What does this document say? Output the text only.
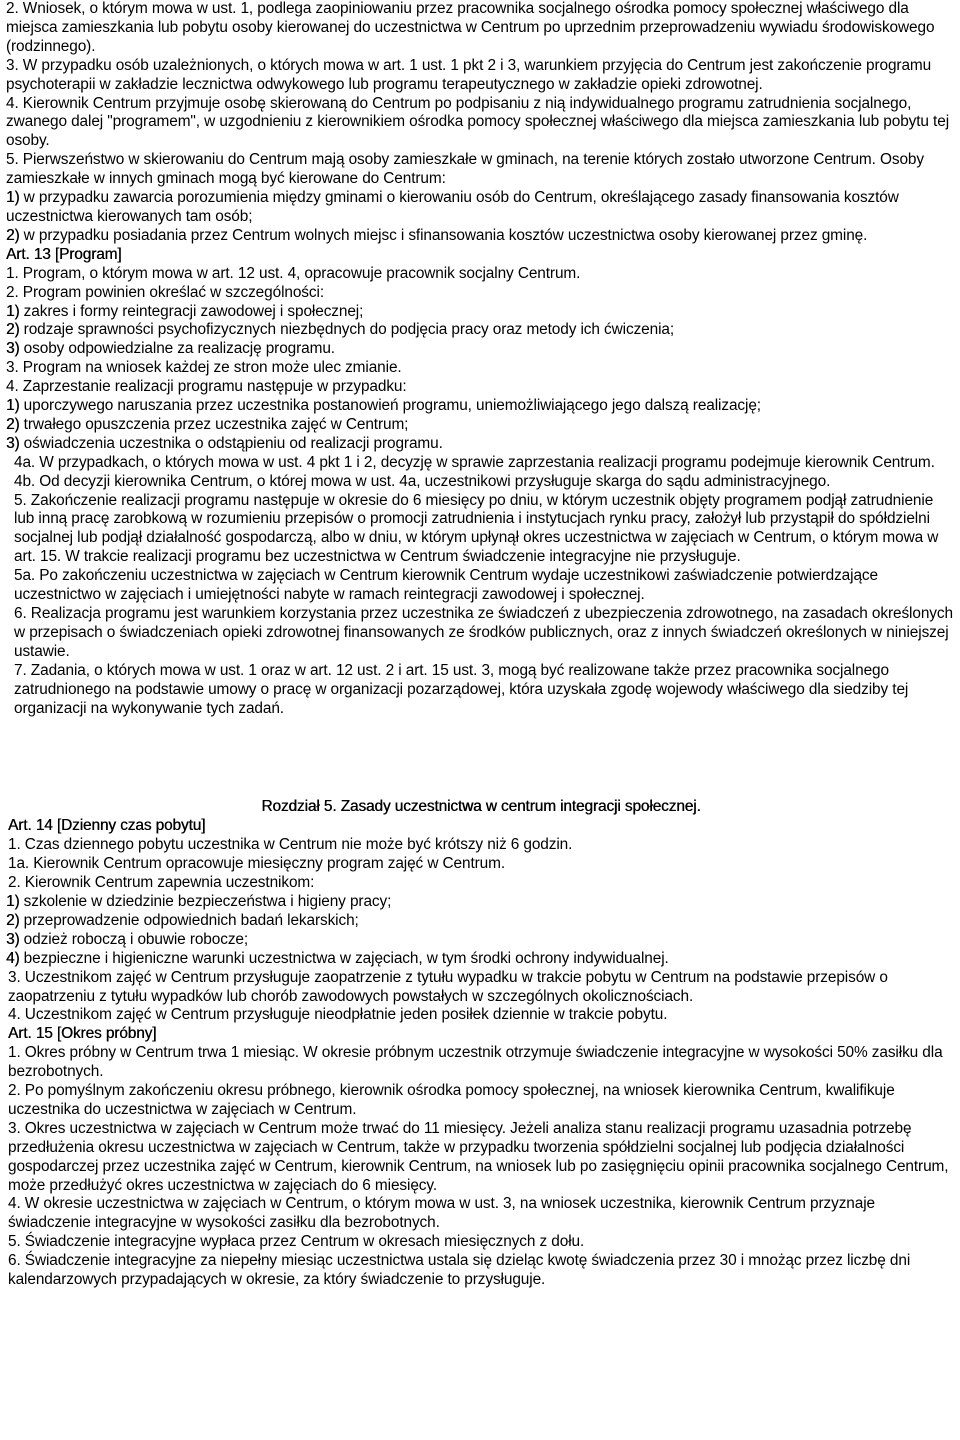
2. Wniosek, o którym mowa w ust. 1, podlega zaopiniowaniu przez pracownika socjalnego ośrodka pomocy społecznej właściwego dla miejsca zamieszkania lub pobytu osoby kierowanej do uczestnictwa w Centrum po uprzednim przeprowadzeniu wywiadu środowiskowego (rodzinnego).

3. W przypadku osób uzależnionych, o których mowa w art. 1 ust. 1 pkt 2 i 3, warunkiem przyjęcia do Centrum jest zakończenie programu psychoterapii w zakładzie lecznictwa odwykowego lub programu terapeutycznego w zakładzie opieki zdrowotnej.

4. Kierownik Centrum przyjmuje osobę skierowaną do Centrum po podpisaniu z nią indywidualnego programu zatrudnienia socjalnego, zwanego dalej "programem", w uzgodnieniu z kierownikiem ośrodka pomocy społecznej właściwego dla miejsca zamieszkania lub pobytu tej osoby.

5. Pierwszeństwo w skierowaniu do Centrum mają osoby zamieszkałe w gminach, na terenie których zostało utworzone Centrum. Osoby zamieszkałe w innych gminach mogą być kierowane do Centrum:

1) w przypadku zawarcia porozumienia między gminami o kierowaniu osób do Centrum, określającego zasady finansowania kosztów uczestnictwa kierowanych tam osób;

2) w przypadku posiadania przez Centrum wolnych miejsc i sfinansowania kosztów uczestnictwa osoby kierowanej przez gminę.

Art. 13 [Program]

1. Program, o którym mowa w art. 12 ust. 4, opracowuje pracownik socjalny Centrum.

2. Program powinien określać w szczególności:

1) zakres i formy reintegracji zawodowej i społecznej;

2) rodzaje sprawności psychofizycznych niezbędnych do podjęcia pracy oraz metody ich ćwiczenia;

3) osoby odpowiedzialne za realizację programu.

3. Program na wniosek każdej ze stron może ulec zmianie.

4. Zaprzestanie realizacji programu następuje w przypadku:

1) uporczywego naruszania przez uczestnika postanowień programu, uniemożliwiającego jego dalszą realizację;

2) trwałego opuszczenia przez uczestnika zajęć w Centrum;

3) oświadczenia uczestnika o odstąpieniu od realizacji programu.

4a. W przypadkach, o których mowa w ust. 4 pkt 1 i 2, decyzję w sprawie zaprzestania realizacji programu podejmuje kierownik Centrum.

4b. Od decyzji kierownika Centrum, o której mowa w ust. 4a, uczestnikowi przysługuje skarga do sądu administracyjnego.

5. Zakończenie realizacji programu następuje w okresie do 6 miesięcy po dniu, w którym uczestnik objęty programem podjął zatrudnienie lub inną pracę zarobkową w rozumieniu przepisów o promocji zatrudnienia i instytucjach rynku pracy, założył lub przystąpił do spółdzielni socjalnej lub podjął działalność gospodarczą, albo w dniu, w którym upłynął okres uczestnictwa w zajęciach w Centrum, o którym mowa w art. 15. W trakcie realizacji programu bez uczestnictwa w Centrum świadczenie integracyjne nie przysługuje.

5a. Po zakończeniu uczestnictwa w zajęciach w Centrum kierownik Centrum wydaje uczestnikowi zaświadczenie potwierdzające uczestnictwo w zajęciach i umiejętności nabyte w ramach reintegracji zawodowej i społecznej.

6. Realizacja programu jest warunkiem korzystania przez uczestnika ze świadczeń z ubezpieczenia zdrowotnego, na zasadach określonych w przepisach o świadczeniach opieki zdrowotnej finansowanych ze środków publicznych, oraz z innych świadczeń określonych w niniejszej ustawie.

7. Zadania, o których mowa w ust. 1 oraz w art. 12 ust. 2 i art. 15 ust. 3, mogą być realizowane także przez pracownika socjalnego zatrudnionego na podstawie umowy o pracę w organizacji pozarządowej, która uzyskała zgodę wojewody właściwego dla siedziby tej organizacji na wykonywanie tych zadań.

Rozdział 5. Zasady uczestnictwa w centrum integracji społecznej.

Art. 14 [Dzienny czas pobytu]

1. Czas dziennego pobytu uczestnika w Centrum nie może być krótszy niż 6 godzin.

1a. Kierownik Centrum opracowuje miesięczny program zajęć w Centrum.

2. Kierownik Centrum zapewnia uczestnikom:

1) szkolenie w dziedzinie bezpieczeństwa i higieny pracy;

2) przeprowadzenie odpowiednich badań lekarskich;

3) odzież roboczą i obuwie robocze;

4) bezpieczne i higieniczne warunki uczestnictwa w zajęciach, w tym środki ochrony indywidualnej.

3. Uczestnikom zajęć w Centrum przysługuje zaopatrzenie z tytułu wypadku w trakcie pobytu w Centrum na podstawie przepisów o zaopatrzeniu z tytułu wypadków lub chorób zawodowych powstałych w szczególnych okolicznościach.

4. Uczestnikom zajęć w Centrum przysługuje nieodpłatnie jeden posiłek dziennie w trakcie pobytu.

Art. 15 [Okres próbny]

1. Okres próbny w Centrum trwa 1 miesiąc. W okresie próbnym uczestnik otrzymuje świadczenie integracyjne w wysokości 50% zasiłku dla bezrobotnych.

2. Po pomyślnym zakończeniu okresu próbnego, kierownik ośrodka pomocy społecznej, na wniosek kierownika Centrum, kwalifikuje uczestnika do uczestnictwa w zajęciach w Centrum.

3. Okres uczestnictwa w zajęciach w Centrum może trwać do 11 miesięcy. Jeżeli analiza stanu realizacji programu uzasadnia potrzebę przedłużenia okresu uczestnictwa w zajęciach w Centrum, także w przypadku tworzenia spółdzielni socjalnej lub podjęcia działalności gospodarczej przez uczestnika zajęć w Centrum, kierownik Centrum, na wniosek lub po zasięgnięciu opinii pracownika socjalnego Centrum, może przedłużyć okres uczestnictwa w zajęciach do 6 miesięcy.

4. W okresie uczestnictwa w zajęciach w Centrum, o którym mowa w ust. 3, na wniosek uczestnika, kierownik Centrum przyznaje świadczenie integracyjne w wysokości zasiłku dla bezrobotnych.

5. Świadczenie integracyjne wypłaca przez Centrum w okresach miesięcznych z dołu.

6. Świadczenie integracyjne za niepełny miesiąc uczestnictwa ustala się dzieląc kwotę świadczenia przez 30 i mnożąc przez liczbę dni kalendarzowych przypadających w okresie, za który świadczenie to przysługuje.
